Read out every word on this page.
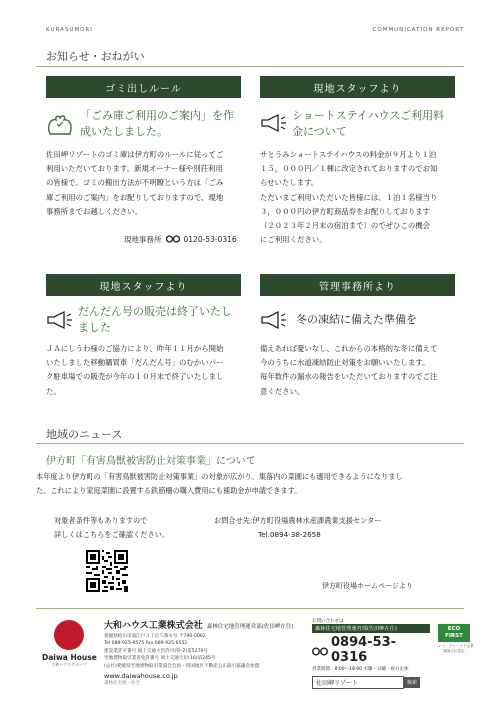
KURASUMORI	COMMUNICATION REPORT
お知らせ・おねがい
ゴミ出しルール
「ごみ庫ご利用のご案内」を作
成いたしました。
佐田岬リゾートのゴミ庫は伊方町のルールに従ってご
利用いただいております。新規オーナー様や別荘利用
の皆様で、ゴミの搬出方法が不明瞭という方は「ごみ
庫ご利用のご案内」をお配りしておりますので、現地
事務所までお越しください。
現地事務所	0120-53-0316
現地スタッフより
ショートステイハウスご利用料
金について
サとうみショートステイハウスの料金が９月より１泊
１５，０００円／１棟に改定されておりますのでお知
らせいたします。
ただいまご利用いただいた皆様には、１泊１名様当り
３，０００円の伊方町商品券をお配りしております
（２０２３年２月末の宿泊まで）のでぜひこの機会
にご利用ください。
現地スタッフより
だんだん号の販売は終了いたし
ました
ＪＡにしうわ様のご協力により、昨年１１月から開始
いたしました移動購買車「だんだん号」のむかいパー
ク駐車場での販売が今年の１０月末で終了いたしまし
た。
管理事務所より
冬の凍結に備えた準備を
備えあれば憂いなし、これからの本格的な冬に備えて
今のうちに水道凍結防止対策をお願いいたします。
毎年数件の漏水の報告をいただいておりますのでご注
意ください。
地域のニュース
伊方町「有害鳥獣被害防止対策事業」について
本年度より伊方町の「有害鳥獣被害防止対策事業」の対象が広がり、集落内の菜園にも適用できるようになりまし
た。これにより家庭菜園に設置する鉄筋柵の購入費用にも補助金が申請できます。
対象者条件等もありますので
詳しくはこちらをご確認ください。
お問合せ先:伊方町役場農林水産課農業支援センター
Tel.0894-38-2658
伊方町役場ホームページより
Daiwa House
大和ハウスグループ
大和ハウス工業株式会社 森林住宅地管理運営部(佐田岬在住)
愛媛県松山市南江戸３丁目５番８号 〒790-0062
Tel 089-925-9575 Fax 089-925-6552
建設業許可番号 国土交通大臣許可(特-2)第5270号
宅地建物取引業者免許番号 国土交通大臣(16)第245号
(公社)愛媛県宅地建物取引業協会会員・四国地区不動産公正取引協議会加盟
www.daiwahouse.co.jp
森林住宅地・住宅
お問い合わせは
森林住宅地管理運営部(佐田岬在住)
0894-53-0316
営業時間：8:00～18:00 水曜・日曜・祝日定休
佐田岬リゾート	検索
ECO FIRST
エコ・ファースト企業
環境大臣認定
